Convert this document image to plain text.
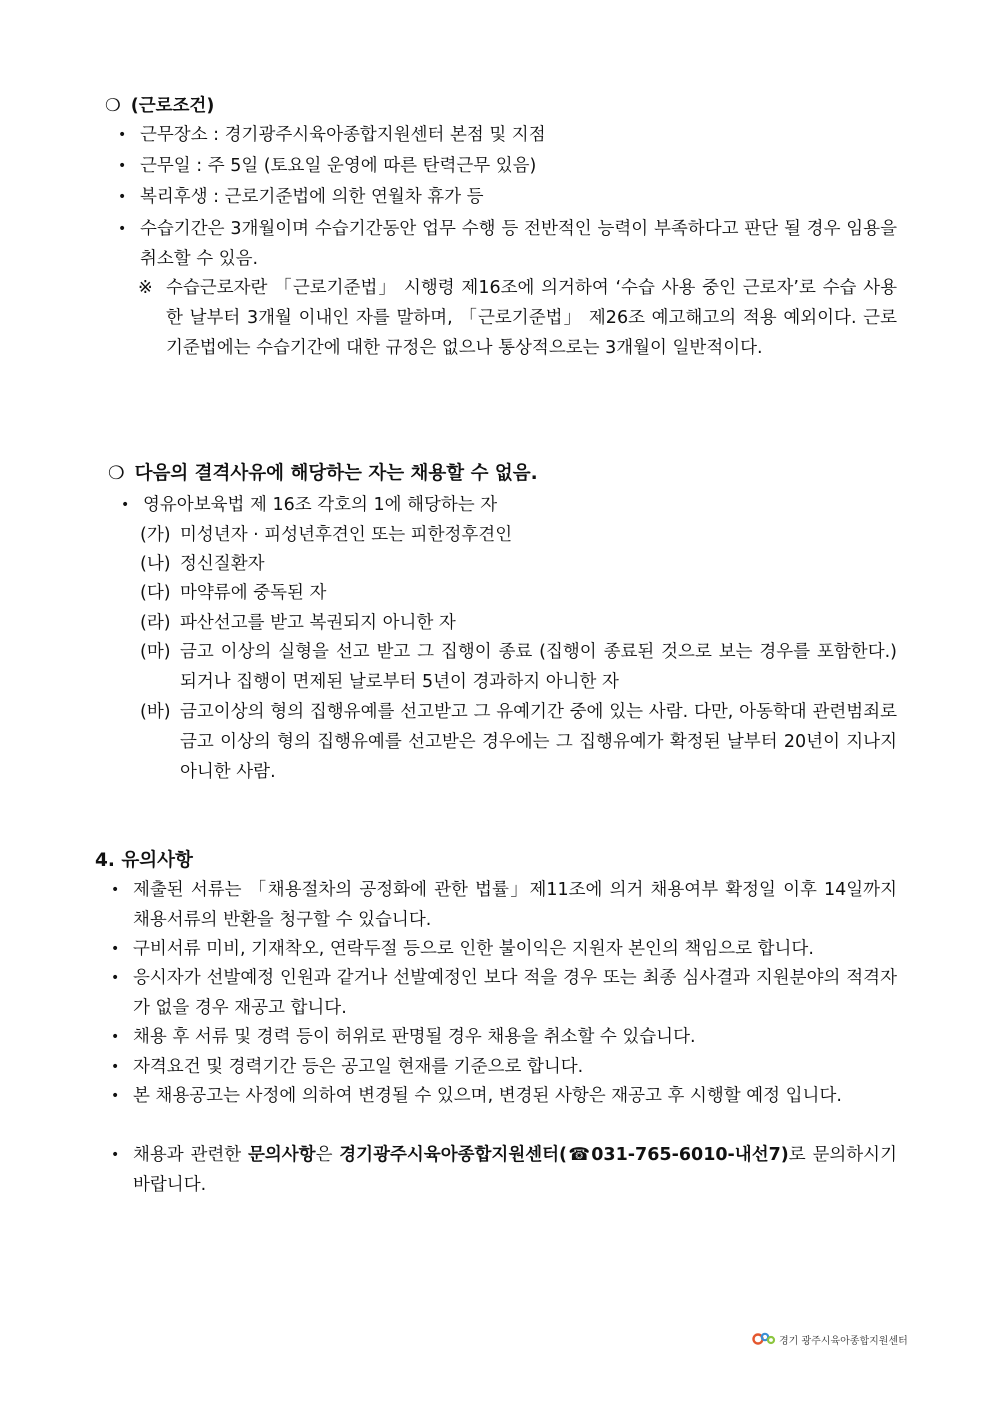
❍ (근로조건)
• 근무장소 : 경기광주시육아종합지원센터 본점 및 지점
• 근무일 : 주 5일 (토요일 운영에 따른 탄력근무 있음)
• 복리후생 : 근로기준법에 의한 연월차 휴가 등
• 수습기간은 3개월이며 수습기간동안 업무 수행 등 전반적인 능력이 부족하다고 판단 될 경우 임용을 취소할 수 있음.
※ 수습근로자란 「근로기준법」 시행령 제16조에 의거하여 ‘수습 사용 중인 근로자’로 수습 사용한 날부터 3개월 이내인 자를 말하며, 「근로기준법」 제26조 예고해고의 적용 예외이다. 근로기준법에는 수습기간에 대한 규정은 없으나 통상적으로는 3개월이 일반적이다.
❍ 다음의 결격사유에 해당하는 자는 채용할 수 없음.
• 영유아보육법 제 16조 각호의 1에 해당하는 자
(가) 미성년자 · 피성년후견인 또는 피한정후견인
(나) 정신질환자
(다) 마약류에 중독된 자
(라) 파산선고를 받고 복권되지 아니한 자
(마) 금고 이상의 실형을 선고 받고 그 집행이 종료 (집행이 종료된 것으로 보는 경우를 포함한다.) 되거나 집행이 면제된 날로부터 5년이 경과하지 아니한 자
(바) 금고이상의 형의 집행유예를 선고받고 그 유예기간 중에 있는 사람. 다만, 아동학대 관련범죄로 금고 이상의 형의 집행유예를 선고받은 경우에는 그 집행유예가 확정된 날부터 20년이 지나지 아니한 사람.
4. 유의사항
• 제출된 서류는 「채용절차의 공정화에 관한 법률」제11조에 의거 채용여부 확정일 이후 14일까지 채용서류의 반환을 청구할 수 있습니다.
• 구비서류 미비, 기재착오, 연락두절 등으로 인한 불이익은 지원자 본인의 책임으로 합니다.
• 응시자가 선발예정 인원과 같거나 선발예정인 보다 적을 경우 또는 최종 심사결과 지원분야의 적격자가 없을 경우 재공고 합니다.
• 채용 후 서류 및 경력 등이 허위로 판명될 경우 채용을 취소할 수 있습니다.
• 자격요건 및 경력기간 등은 공고일 현재를 기준으로 합니다.
• 본 채용공고는 사정에 의하여 변경될 수 있으며, 변경된 사항은 재공고 후 시행할 예정 입니다.
• 채용과 관련한 문의사항은 경기광주시육아종합지원센터(☎031-765-6010-내선7)로 문의하시기 바랍니다.
경기 광주시육아종합지원센터
